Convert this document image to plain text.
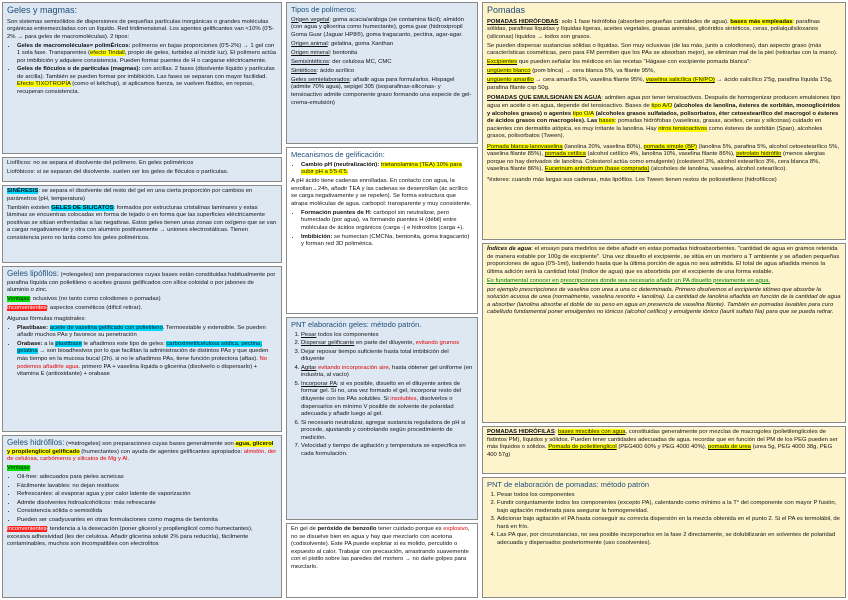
Geles y magmas:

Son sistemas semisólidos de dispersiones de pequeñas partículas inorgánicas o grandes moléculas orgánicas entremezcladas con un líquido. Red tridimensional. Los agentes gelificantes van <10% (0'5-2% → para geles de macromoléculas). 2 tipos:

• Geles de macromoléculas= polimÉricos: polímeros en bajas proporciones (0'5-2%) → 1 gel con 1 sola fase. Transparentes (efecto Tindall, propio de geles, turbidez al incidir luz). El polímero actúa por imbibición y adquiere consistencia. Pueden formar puentes de H o cargarse eléctricamente.
• Geles de flóculos o de partículas (magmas): con arcillas. 2 fases (disolvente líquido y partículas de arcilla). También se pueden formar por imbibición. Las fases se separan con mayor facilidad. Efecto TIXOTROPÍA (como el kétchup), si aplicamos fuerza, se vuelven fluidos, en reposo, recuperan consistencia.

Liofílicos: no se separa el disolvente del polímero. En geles poliméricos

Liofóbicos: si se separan del disolvente. suelen ser los geles de flóculos o partículas.

SINÉRESIS: se separa el disolvente del resto del gel en una cierta proporción por cambios en parámetros (pH, temperatura)

También existen GELES DE SILICATOS: formados por estructuras cristalinas laminares y estas láminas se encuentras colocadas en forma de tejado o en forma que las superficies eléctricamente positivas se sitúan enfrentadas a las negativas. Estos geles tienen unas zonas con oxígeno que se van a cargar negativamente y otra con aluminio positivamente → uniones electrostáticas. Tienen consistencia pero no tanta como los geles poliméricos.

Geles lipófilos: (=oleogeles) son preparaciones cuyas bases están constituidas habitualmente por parafina líquida con polietileno o aceites grasos gelificados con sílice coloidal o por jabones de aluminio o zinc.

Ventajas: oclusivos (no tanto como colodiones o pomadas)

Inconvenientes: aspectos cosméticos (difícil retirar).

Algunas fórmulas magistrales:

• Plastibase: aceite de vaselina gelificado con polietileno. Termoestable y extensible. Se pueden añadir muchos PAs y favorece su penetración
• Orabase: a la plastibase le añadimos este tipo de geles: carboximetilcelulosa sódica, pectina, gelatina → son bioadhesivos por lo que facilitan la administración de distintos PAs y que queden más tiempo en la mucosa bucal (2h). si no le añadimos PAs, tiene función protectora (aftas). No podemos añadirle agua. primero PA + vaselina líquida o glicerina (disolverlo o dispersarlo) + vitamina E (antioxidante) + orabase

Geles hidrófilos: (=hidrogeles) son preparaciones cuyas bases generalmente son agua, glicerol y propilenglicol gelificado (humectantes) con ayuda de agentes gelificantes apropiados: almidón, der de celulosa, carbómeros y silicatos de Mg y Al.

Ventajas:

• Oil-free: adecuados para pieles acneicas
• Fácilmente lavables: no dejan residuos
• Refrescantes: al evaporar agua y por calor latente de vaporización
• Admite disolventes hidroalcohólicos: más refrescante
• Consistencia sólida o semisólida
• Pueden ser coadyuvantes en otras formulaciones como magma de bentonita

Inconvenientes: tendencia a la desecación (poner glicerol y propilenglicol como humectantes), excesiva adhesividad (les der celulosa. Añadir glicerina soluté 2% para reducirla), fácilmente contaminables, muchos son incompatibles con electrolitos

Tipos de polímeros:

Origen vegetal: goma acacia/arábiga (se contamina fácil); almidón (con agua y glicerina como humectante), goma guar (hidroxipropil Goma Guar (Jaguar HP8®), goma tragacanto, pectina, agar-agar.

Origen animal: gelatina, goma Xanthan

Origen mineral: bentonita

Semisintéticos: der celulosa MC, CMC

Sintéticos: ácido acrílico

Geles semielaborados: añadir agua para formularlos. Hispagel (admite 70% agua), sepigel 305 (isoparafinas-siliconas- y tensioactivo admite componente graso formando una especie de gel-crema-emulsión)

Mecanismos de gelificación:
• Cambio pH (neutralización): trietanolamina (TEA) 10% para subir pH a 5'5-6'5.

A pH ácido tiene cadenas enrolladas. En contacto con agua, la enrollan→24h, añadir TEA y las cadenas se desenrollan (ác acrílico se carga negativamente y se repelen). Se forma estructura que atrapa moléculas de agua. carbopol: transparente y muy consistente.

• Formación puentes de H: carbopol sin neutralizar, pero humectado (por agua), va formando puentes H (débil) entre moléculas de ácidos orgánicos (carga -) e hidroxilos (carga +).
• Imbibición: se humectan (CMCNa, bentonita, goma tragacanto) y forman red 3D polimérica.
PNT elaboración geles: método patrón.
1. Pesar todos los componentes
2. Dispersar gelificante en parte del diluyente, evitando grumos
3. Dejar reposar tiempo suficiente hasta total imbibición del diluyente
4. Agitar evitando incorporación aire, hasta obtener gel uniforme (en industria, al vacío)
5. Incorporar PA: si es posible, disuelto en el diluyente antes de formar gel. Si no, una vez formado el gel, incorporar resto del diluyente con los PAs solubles. Si insolubles, disolverlos o dispersarlos en mínimo V posible de solvente de polaridad adecuada y añadir luego al gel.
6. Si necesario neutralizar, agregar sustancia reguladora de pH si procede, ajustando y controlando según procedimiento de medición.
7. Velocidad y tiempo de agitación y temperatura se especifica en cada formulación.

En gel de peróxido de benzoílo tener cuidado porque es explosivo, no se disuelve bien en agua y hay que mezclarlo con acetona (codisolvente). Este PA puede explotar si es molido, percutido o expuesto al calor. Trabajar con precaución, arrastrando suavemente con el pistilo sobre las paredes del mortero → no darle golpes para mezclarlo.

Pomadas

POMADAS HIDRÓFOBAS: solo 1 fase hidrófoba (absorben pequeñas cantidades de agua). bases más empleadas: parafinas sólidas, parafinas líquidas y líquidas ligeras, aceites vegetales, grasas animales, glicéridos sintéticos, ceras, polialquilsiloxanos (siliconas) líquidos → todos son grasos.

Se pueden dispersar sustancias sólidas o líquidas. Son muy oclusivas (de las más, junto a colodiones), dan aspecto graso (más características cosméticas, pero para FM permiten que los PAs se absorban mejor), se eliminan mal de la piel (retirarlas con la mano).

Excipientes que pueden señalar los médicos en las recetas "Hágase con excipiente pomada blanca":

ungüento blanco (pom blnca) → cera blanca 5%, va filante 95%,

ungüento amarillo → cera amarilla 5%, vaselina filante 95%, vaselina salicílica (FN/PO) → ácido salicílico 2'5g, parafina líquida 1'5g, parafina filante csp 50g.

POMADAS QUE EMULSIONAN EN AGUA: admiten agua por tener tensioactivos. Después de homogenizar producen emulsiones tipo agua en aceite o en agua, depende del tensioactivo. Bases de tipo A/O (alcoholes de lanolina, ésteres de sorbitán, monoglicéridos y alcoholes grasos) o agentes tipo O/A (alcoholes grasos sulfatados, polisorbatos, éter cetoestearílico del macrogol o ésteres de ácidos grasos con macrogoles). Las bases: pomadas hidrófobas (vaselinas, grasas, aceites, ceras y siliconas) cuidado en pacientes con dermatitis atópica, es muy irritante la lanolina. Hay otros tensioactivos como ésteres de sorbitán (Span), alcoholes grasos, polisorbatos (Tween).

Pomada blanca-lanovaselina (lanolina 20%, vaselina 80%), pomada simple (BP) (lanolina 5%, parafina 5%, alcohol cetoestearílico 5%, vaselina filante 85%), pomada cetílica (alcohol cetílico 4%, lanolina 10%, vaselina filante 86%), petrolato hidrófilo (menos alergias porque no hay derivados de lanolina. Colesterol actúa como emulgente) (colesterol 3%, alcohol estearílico 3%, cera blanca 8%, vaselina filante 86%), Eucerinum anhidricum (base comprada) (alcoholes de lanolina, vaselina, alcohol cetearílico).

*ésteres: cuando más largas sus cadenas, más lipófilos. Los Tween tienen restos de polioxietileno (hidrofílicos)

Índices de agua: el ensayo para medirlos se debe añadir en estas pomadas hidroabsorbentes. "cantidad de agua en gramos retenida de manera estable por 100g de excipiente". Una vez disuelto el excipiente, se sitúa en un mortero a T ambiente y se añaden pequeñas proporciones de agua (0'5-1ml), batiendo hasta que la última porción de agua no sea admitida. El total de agua añadida menos la última adición será la cantidad total (índice de agua) que es absorbida por el excipiente de una forma estable.

Es fundamental conocer en prescripciones donde sea necesario añadir un PA disuelto previamente en agua.

por ejemplo prescripciones de vaselina con urea a una cc determinada. Primero disolvemos el excipiente idóneo que absorbe la solución acuosa de urea (normalmente, vaselina resorito + lanolina). La cantidad de lanolina añadida en función de la cantidad de agua a absorber (lanolina absorbe el doble de su peso en agua en presencia de vaselina filante). También en pomadas lavables para curo cabelludo fundamental poner emulgentes no iónicos (alcohol cetílico) y emulgente iónico (lauril sulfato Na) para que se pueda retirar.

POMADAS HIDRÓFILAS: bases miscibles con agua, constituidas generalmente por mezclas de macrogoles (polietilenglicoles de fistintos PM), líquidos y sólidos. Pueden tener cantidades adecuadas de agua. recordar que en función del PM de los PEG pueden ser más líquidos o sólidos. Pomada de polietilenglicol (PEG400 60% y PEG 4000 40%), pomada de urea (urea 5g, PEG 4000 38g, PEG 400 57g)

PNT de elaboración de pomadas: método patrón
1. Pesar todos los componentes
2. Fundir conjuntamente todos los componentes (excepto PA), calentando como mínimo a la T° del componente con mayor P fusión, bajo agitación moderada para asegurar la homogeneidad.
3. Adicionar bajo agitación el PA hasta conseguir su correcta dispersión en la mezcla obtenida en el punto 2. Si el PA es termolábil, de hará en frío.
4. Las PA que, por circunstancias, no sea posible incorporarlos en la fase 2 directamente, se dolubilizarán en solventes de polaridad adecuada y dispersados posteriormente (uso cosolventes).
